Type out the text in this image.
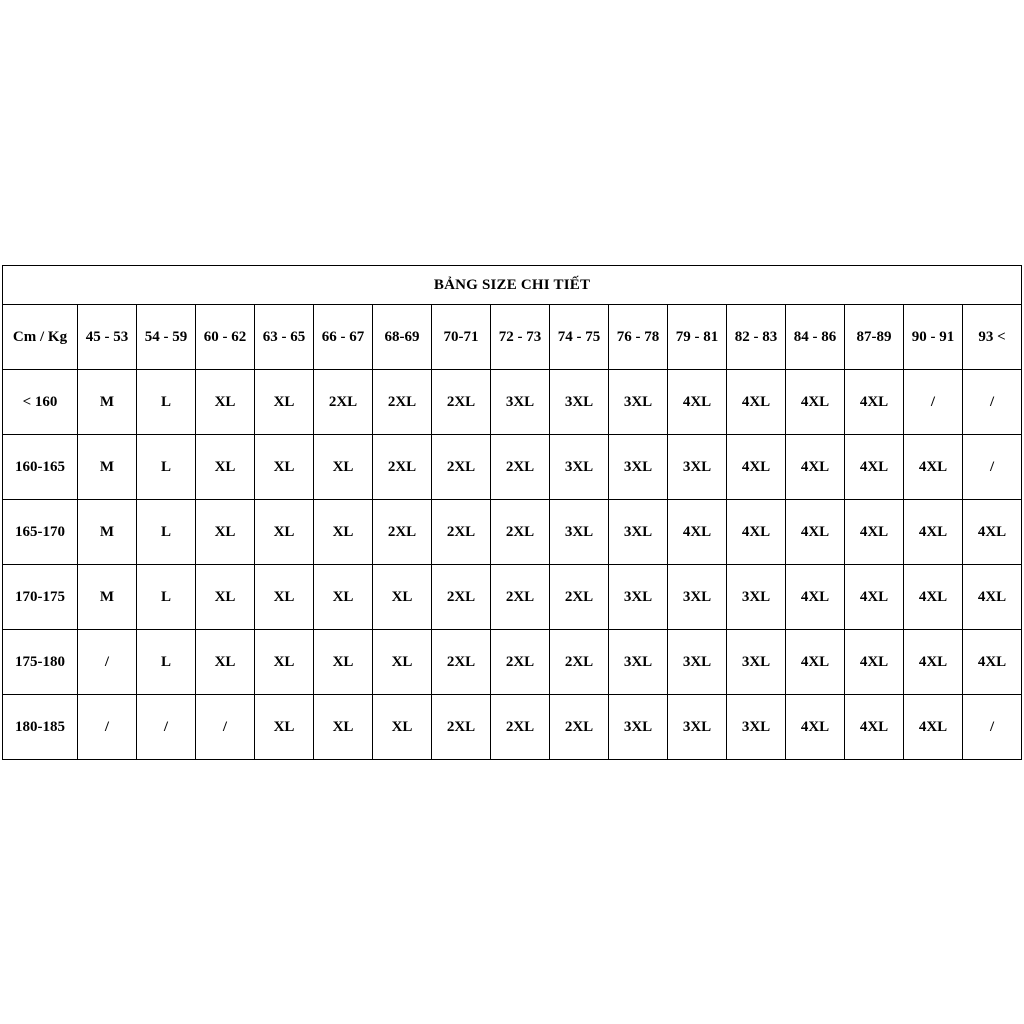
BẢNG SIZE CHI TIẾT																
Cm / Kg	45 - 53	54 - 59	60 - 62	63 - 65	66 - 67	68-69	70-71	72 - 73	74 - 75	76 - 78	79 - 81	82 - 83	84 - 86	87-89	90 - 91	93 <
< 160	M	L	XL	XL	2XL	2XL	2XL	3XL	3XL	3XL	4XL	4XL	4XL	4XL	/	/
160-165	M	L	XL	XL	XL	2XL	2XL	2XL	3XL	3XL	3XL	4XL	4XL	4XL	4XL	/
165-170	M	L	XL	XL	XL	2XL	2XL	2XL	3XL	3XL	4XL	4XL	4XL	4XL	4XL	4XL
170-175	M	L	XL	XL	XL	XL	2XL	2XL	2XL	3XL	3XL	3XL	4XL	4XL	4XL	4XL
175-180	/	L	XL	XL	XL	XL	2XL	2XL	2XL	3XL	3XL	3XL	4XL	4XL	4XL	4XL
180-185	/	/	/	XL	XL	XL	2XL	2XL	2XL	3XL	3XL	3XL	4XL	4XL	4XL	/
